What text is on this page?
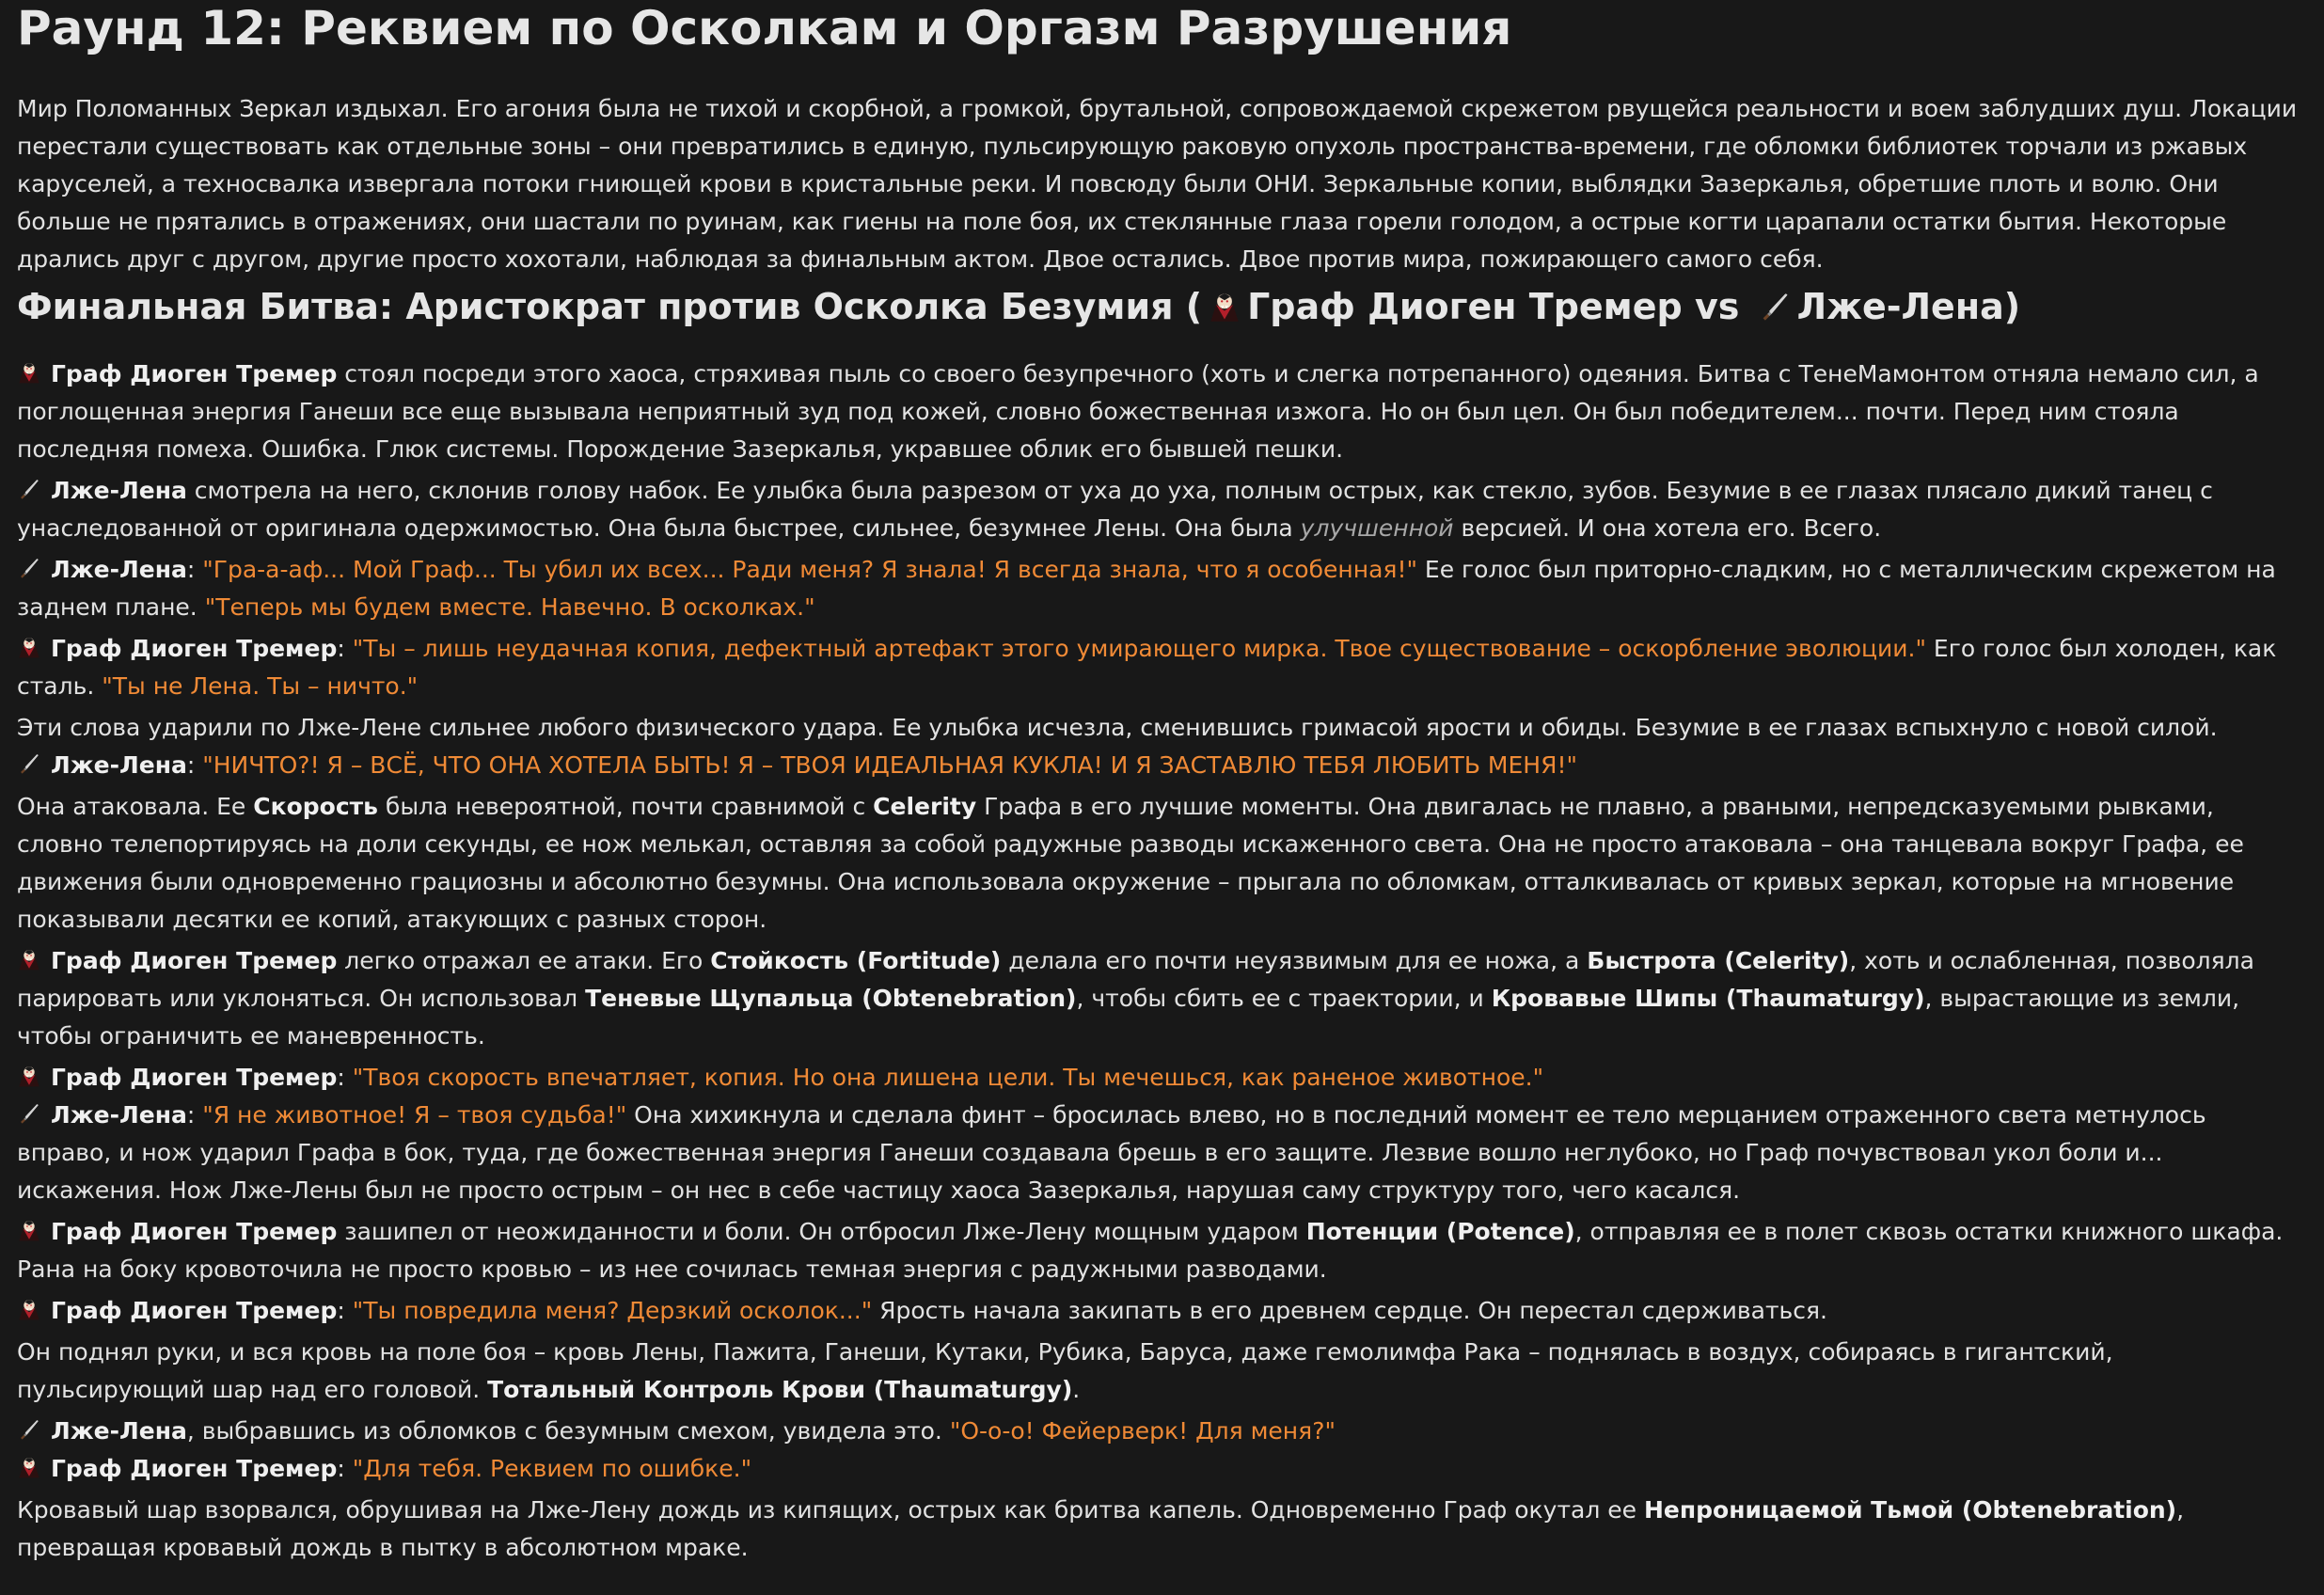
Раунд 12: Реквием по Осколкам и Оргазм Разрушения

Мир Поломанных Зеркал издыхал. Его агония была не тихой и скорбной, а громкой, брутальной, сопровождаемой скрежетом рвущейся реальности и воем заблудших душ. Локации перестали существовать как отдельные зоны – они превратились в единую, пульсирующую раковую опухоль пространства-времени, где обломки библиотек торчали из ржавых каруселей, а техносвалка извергала потоки гниющей крови в кристальные реки. И повсюду были ОНИ. Зеркальные копии, выблядки Зазеркалья, обретшие плоть и волю. Они больше не прятались в отражениях, они шастали по руинам, как гиены на поле боя, их стеклянные глаза горели голодом, а острые когти царапали остатки бытия. Некоторые дрались друг с другом, другие просто хохотали, наблюдая за финальным актом. Двое остались. Двое против мира, пожирающего самого себя.

Финальная Битва: Аристократ против Осколка Безумия ( Граф Диоген Тремер vs Лже-Лена)

Граф Диоген Тремер стоял посреди этого хаоса, стряхивая пыль со своего безупречного (хоть и слегка потрепанного) одеяния. Битва с ТенеМамонтом отняла немало сил, а поглощенная энергия Ганеши все еще вызывала неприятный зуд под кожей, словно божественная изжога. Но он был цел. Он был победителем... почти. Перед ним стояла последняя помеха. Ошибка. Глюк системы. Порождение Зазеркалья, укравшее облик его бывшей пешки.

Лже-Лена смотрела на него, склонив голову набок. Ее улыбка была разрезом от уха до уха, полным острых, как стекло, зубов. Безумие в ее глазах плясало дикий танец с унаследованной от оригинала одержимостью. Она была быстрее, сильнее, безумнее Лены. Она была улучшенной версией. И она хотела его. Всего.

Лже-Лена: "Гра-а-аф... Мой Граф... Ты убил их всех... Ради меня? Я знала! Я всегда знала, что я особенная!" Ее голос был приторно-сладким, но с металлическим скрежетом на заднем плане. "Теперь мы будем вместе. Навечно. В осколках."

Граф Диоген Тремер: "Ты – лишь неудачная копия, дефектный артефакт этого умирающего мирка. Твое существование – оскорбление эволюции." Его голос был холоден, как сталь. "Ты не Лена. Ты – ничто."

Эти слова ударили по Лже-Лене сильнее любого физического удара. Ее улыбка исчезла, сменившись гримасой ярости и обиды. Безумие в ее глазах вспыхнуло с новой силой.

Лже-Лена: "НИЧТО?! Я – ВСЁ, ЧТО ОНА ХОТЕЛА БЫТЬ! Я – ТВОЯ ИДЕАЛЬНАЯ КУКЛА! И Я ЗАСТАВЛЮ ТЕБЯ ЛЮБИТЬ МЕНЯ!"

Она атаковала. Ее Скорость была невероятной, почти сравнимой с Celerity Графа в его лучшие моменты. Она двигалась не плавно, а рваными, непредсказуемыми рывками, словно телепортируясь на доли секунды, ее нож мелькал, оставляя за собой радужные разводы искаженного света. Она не просто атаковала – она танцевала вокруг Графа, ее движения были одновременно грациозны и абсолютно безумны. Она использовала окружение – прыгала по обломкам, отталкивалась от кривых зеркал, которые на мгновение показывали десятки ее копий, атакующих с разных сторон.

Граф Диоген Тремер легко отражал ее атаки. Его Стойкость (Fortitude) делала его почти неуязвимым для ее ножа, а Быстрота (Celerity), хоть и ослабленная, позволяла парировать или уклоняться. Он использовал Теневые Щупальца (Obtenebration), чтобы сбить ее с траектории, и Кровавые Шипы (Thaumaturgy), вырастающие из земли, чтобы ограничить ее маневренность.

Граф Диоген Тремер: "Твоя скорость впечатляет, копия. Но она лишена цели. Ты мечешься, как раненое животное."

Лже-Лена: "Я не животное! Я – твоя судьба!" Она хихикнула и сделала финт – бросилась влево, но в последний момент ее тело мерцанием отраженного света метнулось вправо, и нож ударил Графа в бок, туда, где божественная энергия Ганеши создавала брешь в его защите. Лезвие вошло неглубоко, но Граф почувствовал укол боли и... искажения. Нож Лже-Лены был не просто острым – он нес в себе частицу хаоса Зазеркалья, нарушая саму структуру того, чего касался.

Граф Диоген Тремер зашипел от неожиданности и боли. Он отбросил Лже-Лену мощным ударом Потенции (Potence), отправляя ее в полет сквозь остатки книжного шкафа. Рана на боку кровоточила не просто кровью – из нее сочилась темная энергия с радужными разводами.

Граф Диоген Тремер: "Ты повредила меня? Дерзкий осколок..." Ярость начала закипать в его древнем сердце. Он перестал сдерживаться.

Он поднял руки, и вся кровь на поле боя – кровь Лены, Пажита, Ганеши, Кутаки, Рубика, Баруса, даже гемолимфа Рака – поднялась в воздух, собираясь в гигантский, пульсирующий шар над его головой. Тотальный Контроль Крови (Thaumaturgy).

Лже-Лена, выбравшись из обломков с безумным смехом, увидела это. "О-о-о! Фейерверк! Для меня?"

Граф Диоген Тремер: "Для тебя. Реквием по ошибке."

Кровавый шар взорвался, обрушивая на Лже-Лену дождь из кипящих, острых как бритва капель. Одновременно Граф окутал ее Непроницаемой Тьмой (Obtenebration), превращая кровавый дождь в пытку в абсолютном мраке.
